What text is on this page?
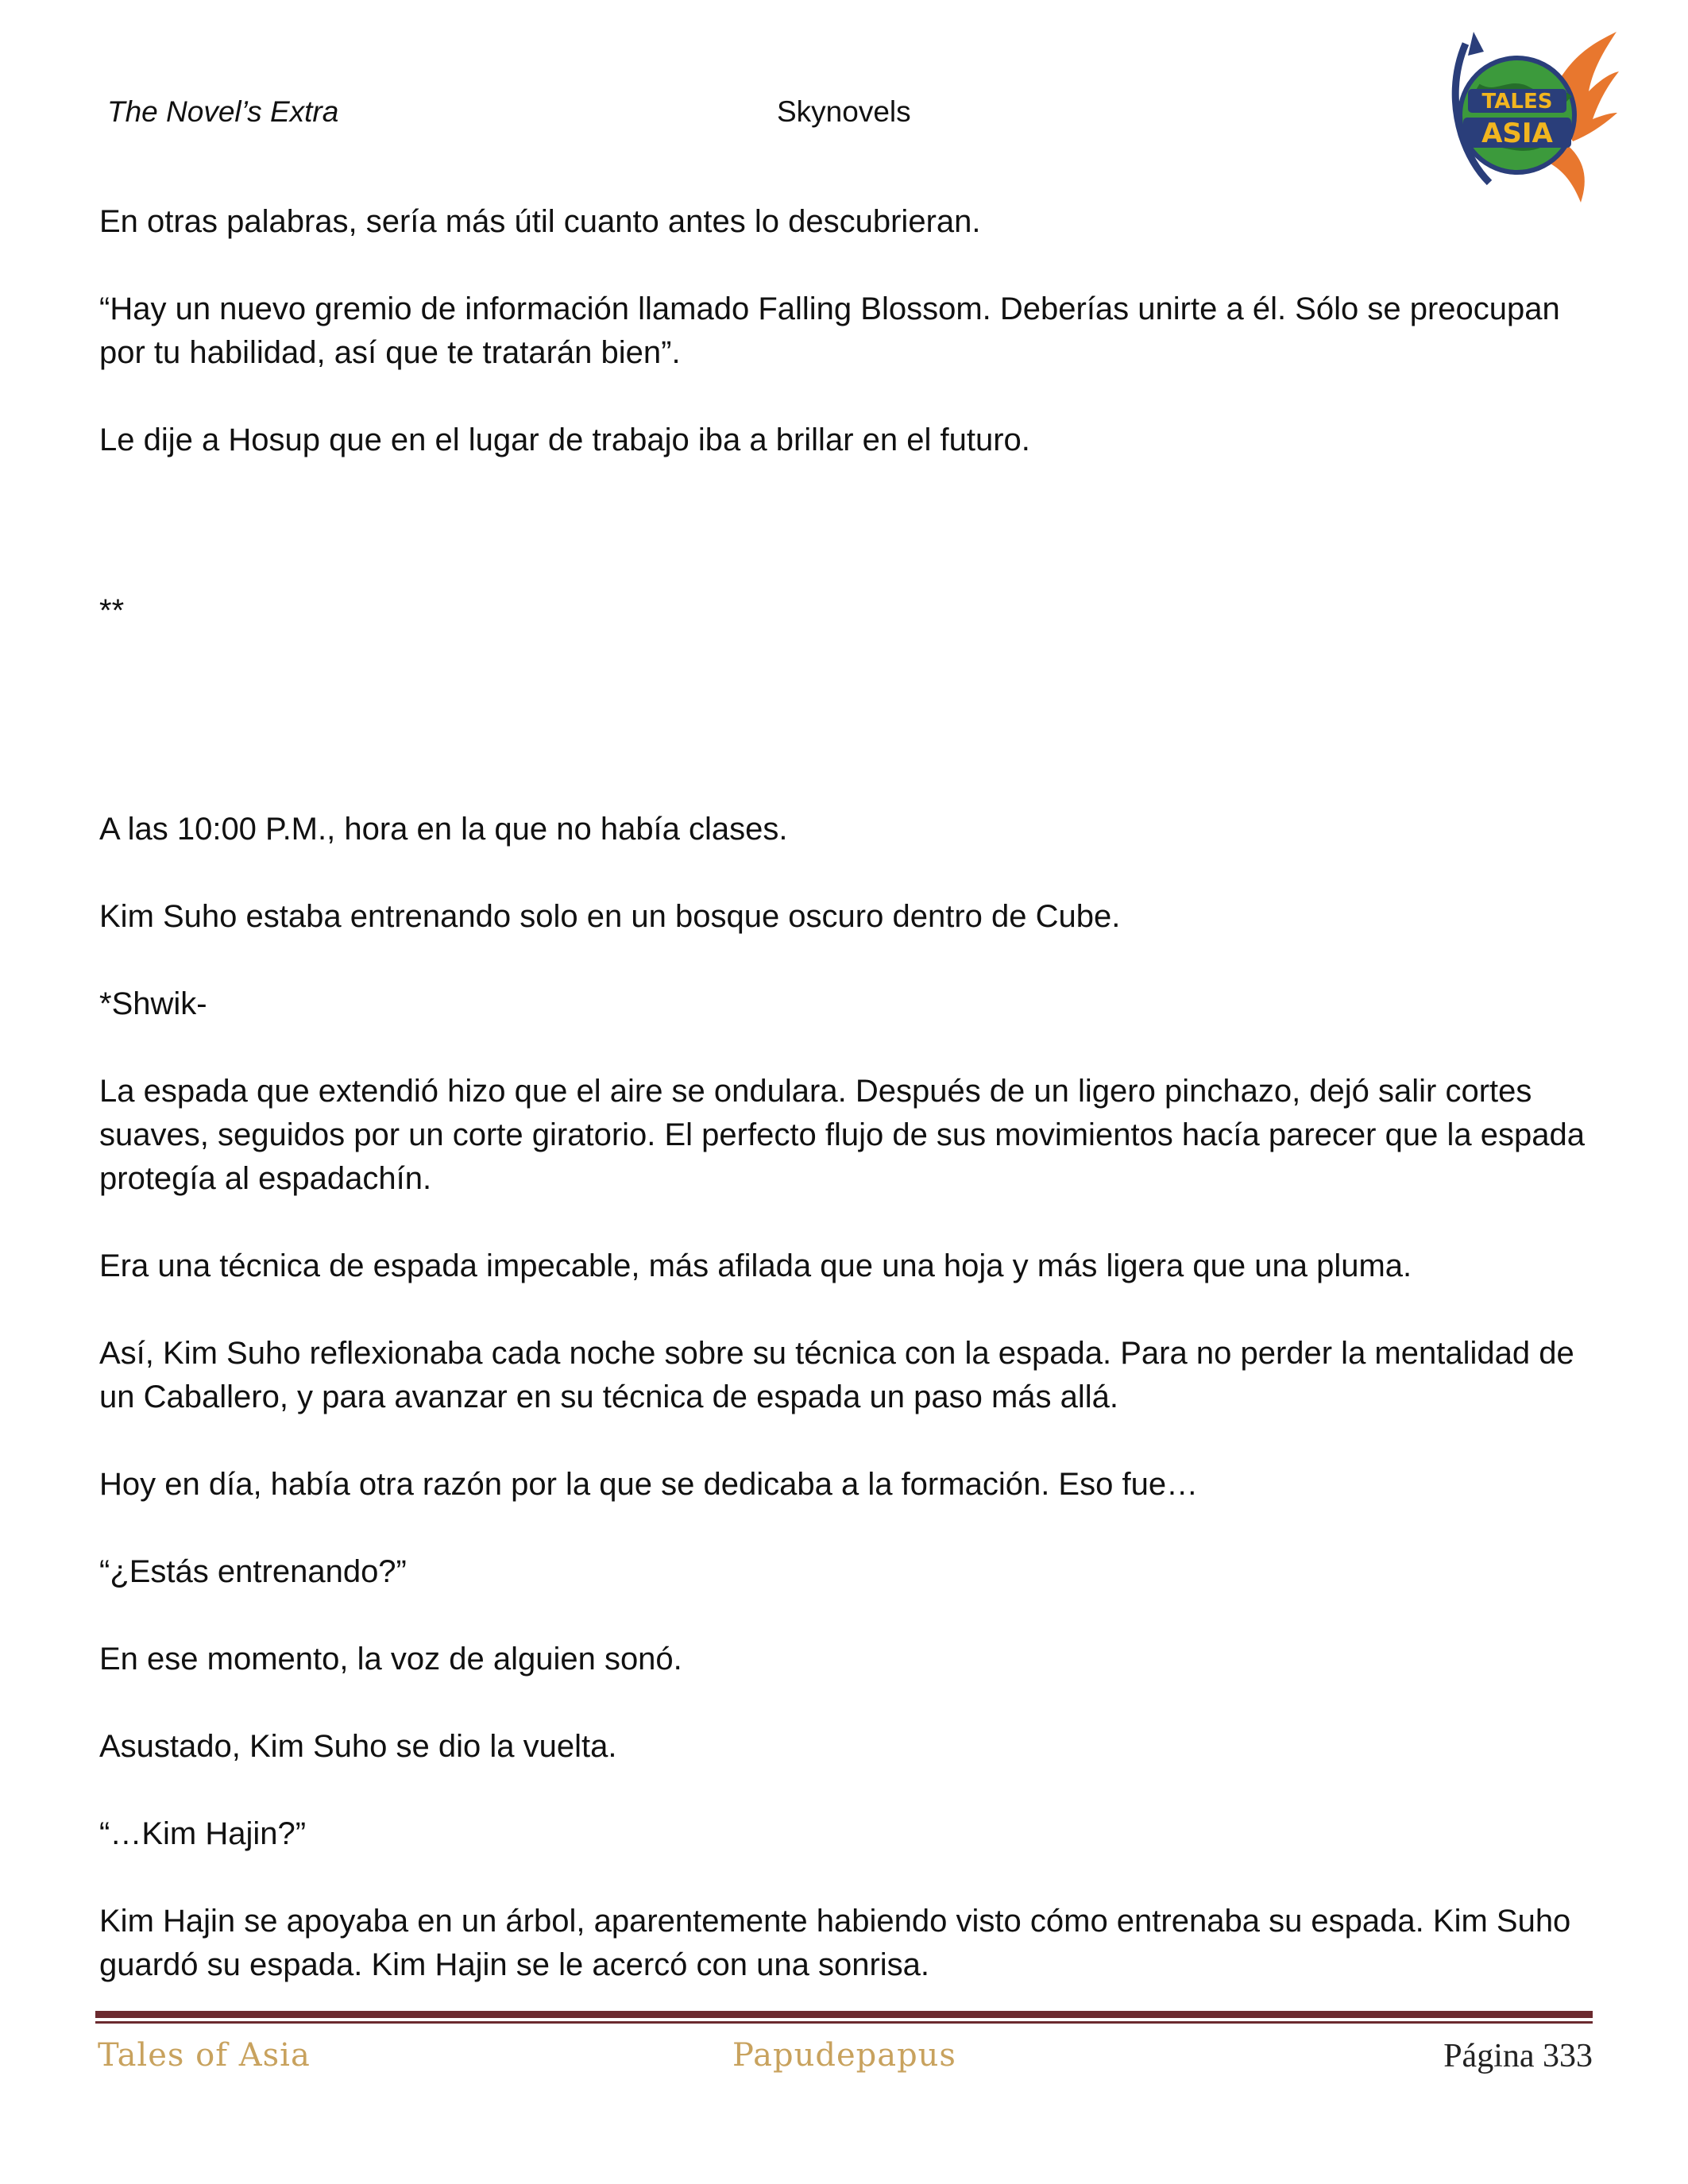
The Novel’s Extra	Skynovels	TALES
ASIA

En otras palabras, sería más útil cuanto antes lo descubrieran.

“Hay un nuevo gremio de información llamado Falling Blossom. Deberías unirte a él. Sólo se preocupan por tu habilidad, así que te tratarán bien”.

Le dije a Hosup que en el lugar de trabajo iba a brillar en el futuro.

**

A las 10:00 P.M., hora en la que no había clases.

Kim Suho estaba entrenando solo en un bosque oscuro dentro de Cube.

*Shwik-

La espada que extendió hizo que el aire se ondulara. Después de un ligero pinchazo, dejó salir cortes suaves, seguidos por un corte giratorio. El perfecto flujo de sus movimientos hacía parecer que la espada protegía al espadachín.

Era una técnica de espada impecable, más afilada que una hoja y más ligera que una pluma.

Así, Kim Suho reflexionaba cada noche sobre su técnica con la espada. Para no perder la mentalidad de un Caballero, y para avanzar en su técnica de espada un paso más allá.

Hoy en día, había otra razón por la que se dedicaba a la formación. Eso fue…

“¿Estás entrenando?”

En ese momento, la voz de alguien sonó.

Asustado, Kim Suho se dio la vuelta.

“…Kim Hajin?”

Kim Hajin se apoyaba en un árbol, aparentemente habiendo visto cómo entrenaba su espada. Kim Suho guardó su espada. Kim Hajin se le acercó con una sonrisa.

Tales of Asia	Papudepapus	Página 333
